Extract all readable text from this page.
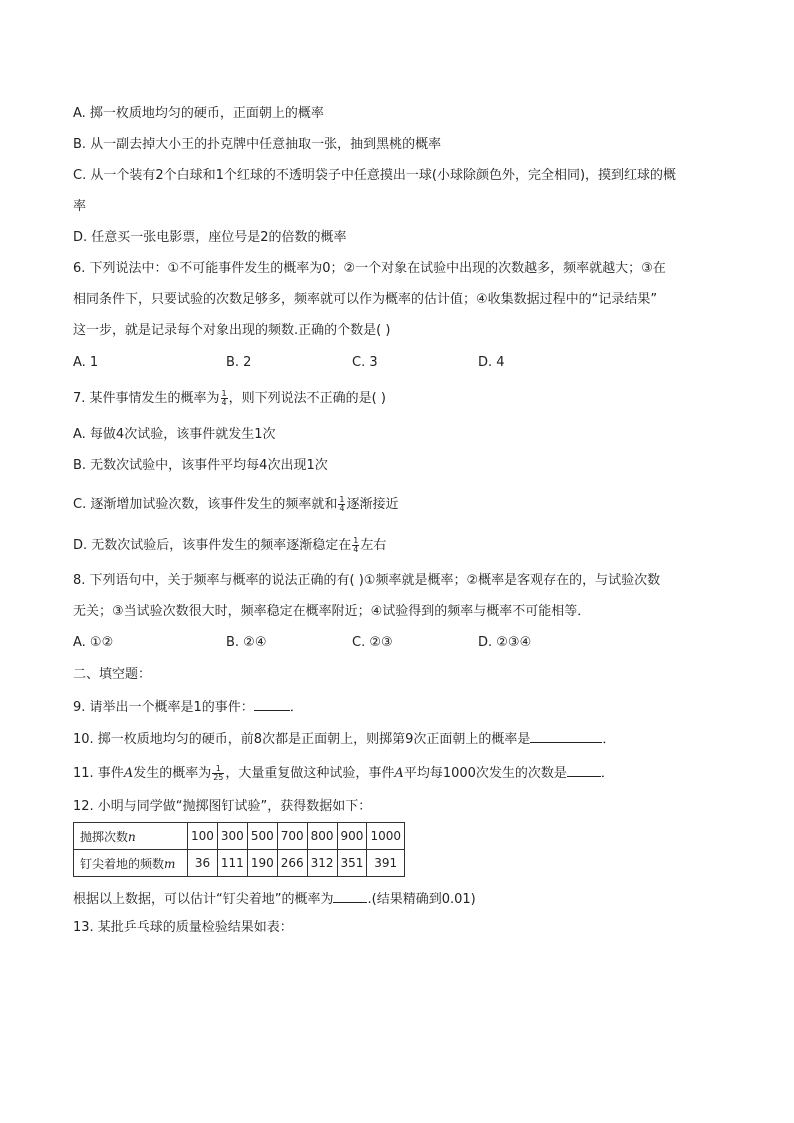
A. 掷一枚质地均匀的硬币，正面朝上的概率
B. 从一副去掉大小王的扑克牌中任意抽取一张，抽到黑桃的概率
C. 从一个装有2个白球和1个红球的不透明袋子中任意摸出一球(小球除颜色外，完全相同)，摸到红球的概
率
D. 任意买一张电影票，座位号是2的倍数的概率
6. 下列说法中：①不可能事件发生的概率为0；②一个对象在试验中出现的次数越多，频率就越大；③在
相同条件下，只要试验的次数足够多，频率就可以作为概率的估计值；④收集数据过程中的“记录结果”
这一步，就是记录每个对象出现的频数.正确的个数是( )
A. 1	B. 2	C. 3	D. 4
7. 某件事情发生的概率为 $\frac{1}{4}$ ，则下列说法不正确的是( )
A. 每做4次试验，该事件就发生1次
B. 无数次试验中，该事件平均每4次出现1次
C. 逐渐增加试验次数，该事件发生的频率就和 $\frac{1}{4}$ 逐渐接近
D. 无数次试验后，该事件发生的频率逐渐稳定在 $\frac{1}{4}$ 左右
8. 下列语句中，关于频率与概率的说法正确的有( )①频率就是概率；②概率是客观存在的，与试验次数
无关；③当试验次数很大时，频率稳定在概率附近；④试验得到的频率与概率不可能相等．
A. ①②	B. ②④	C. ②③	D. ②③④
二、填空题：
9. 请举出一个概率是1的事件：	．
10. 掷一枚质地均匀的硬币，前8次都是正面朝上，则掷第9次正面朝上的概率是	．
11. 事件A发生的概率为 $\frac{1}{25}$ ，大量重复做这种试验，事件A平均每1000次发生的次数是	．
12. 小明与同学做“抛掷图钉试验”，获得数据如下：
抛掷次数n	100	300	500	700	800	900	1000
钉尖着地的频数m	36	111	190	266	312	351	391
根据以上数据，可以估计“钉尖着地”的概率为	.(结果精确到0.01)
13. 某批乒乓球的质量检验结果如表：
